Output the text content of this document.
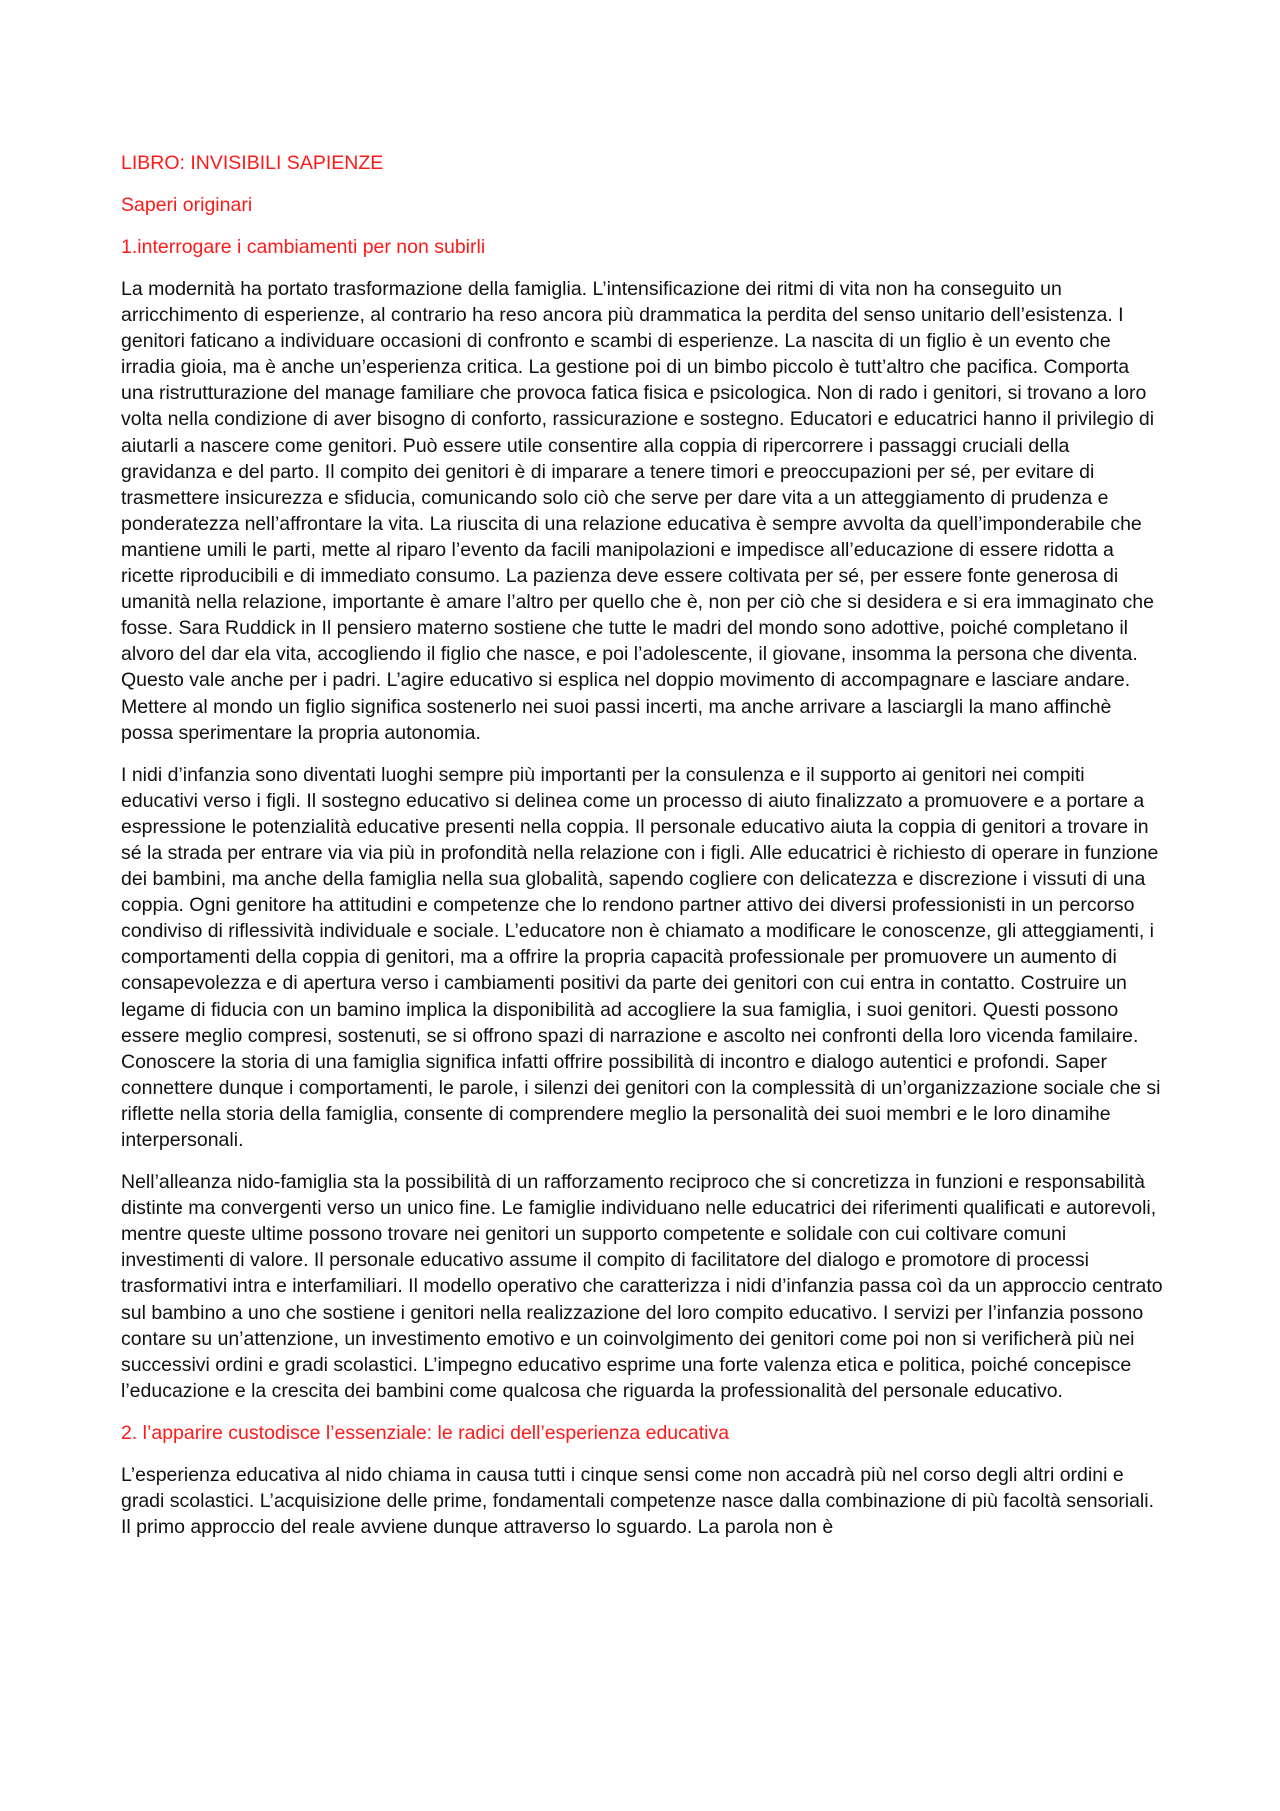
LIBRO: INVISIBILI SAPIENZE

Saperi originari

1.interrogare i cambiamenti per non subirli

La modernità ha portato trasformazione della famiglia. L’intensificazione dei ritmi di vita non ha conseguito un arricchimento di esperienze, al contrario ha reso ancora più drammatica la perdita del senso unitario dell’esistenza. I genitori faticano a individuare occasioni di confronto e scambi di esperienze. La nascita di un figlio è un evento che irradia gioia, ma è anche un’esperienza critica. La gestione poi di un bimbo piccolo è tutt’altro che pacifica. Comporta una ristrutturazione del manage familiare che provoca fatica fisica e psicologica. Non di rado i genitori, si trovano a loro volta nella condizione di aver bisogno di conforto, rassicurazione e sostegno. Educatori e educatrici hanno il privilegio di aiutarli a nascere come genitori. Può essere utile consentire alla coppia di ripercorrere i passaggi cruciali della gravidanza e del parto. Il compito dei genitori è di imparare a tenere timori e preoccupazioni per sé, per evitare di trasmettere insicurezza e sfiducia, comunicando solo ciò che serve per dare vita a un atteggiamento di prudenza e ponderatezza nell’affrontare la vita. La riuscita di una relazione educativa è sempre avvolta da quell’imponderabile che mantiene umili le parti, mette al riparo l’evento da facili manipolazioni e impedisce all’educazione di essere ridotta a ricette riproducibili e di immediato consumo. La pazienza deve essere coltivata per sé, per essere fonte generosa di umanità nella relazione, importante è amare l’altro per quello che è, non per ciò che si desidera e si era immaginato che fosse. Sara Ruddick in Il pensiero materno sostiene che tutte le madri del mondo sono adottive, poiché completano il alvoro del dar ela vita, accogliendo il figlio che nasce, e poi l’adolescente, il giovane, insomma la persona che diventa. Questo vale anche per i padri. L’agire educativo si esplica nel doppio movimento di accompagnare e lasciare andare. Mettere al mondo un figlio significa sostenerlo nei suoi passi incerti, ma anche arrivare a lasciargli la mano affinchè possa sperimentare la propria autonomia.

I nidi d’infanzia sono diventati luoghi sempre più importanti per la consulenza e il supporto ai genitori nei compiti educativi verso i figli. Il sostegno educativo si delinea come un processo di aiuto finalizzato a promuovere e a portare a espressione le potenzialità educative presenti nella coppia. Il personale educativo aiuta la coppia di genitori a trovare in sé la strada per entrare via via più in profondità nella relazione con i figli. Alle educatrici è richiesto di operare in funzione dei bambini, ma anche della famiglia nella sua globalità, sapendo cogliere con delicatezza e discrezione i vissuti di una coppia. Ogni genitore ha attitudini e competenze che lo rendono partner attivo dei diversi professionisti in un percorso condiviso di riflessività individuale e sociale. L’educatore non è chiamato a modificare le conoscenze, gli atteggiamenti, i comportamenti della coppia di genitori, ma a offrire la propria capacità professionale per promuovere un aumento di consapevolezza e di apertura verso i cambiamenti positivi da parte dei genitori con cui entra in contatto. Costruire un legame di fiducia con un bamino implica la disponibilità ad accogliere la sua famiglia, i suoi genitori. Questi possono essere meglio compresi, sostenuti, se si offrono spazi di narrazione e ascolto nei confronti della loro vicenda familaire. Conoscere la storia di una famiglia significa infatti offrire possibilità di incontro e dialogo autentici e profondi. Saper connettere dunque i comportamenti, le parole, i silenzi dei genitori con la complessità di un’organizzazione sociale che si riflette nella storia della famiglia, consente di comprendere meglio la personalità dei suoi membri e le loro dinamihe interpersonali.

Nell’alleanza nido-famiglia sta la possibilità di un rafforzamento reciproco che si concretizza in funzioni e responsabilità distinte ma convergenti verso un unico fine. Le famiglie individuano nelle educatrici dei riferimenti qualificati e autorevoli, mentre queste ultime possono trovare nei genitori un supporto competente e solidale con cui coltivare comuni investimenti di valore. Il personale educativo assume il compito di facilitatore del dialogo e promotore di processi trasformativi intra e interfamiliari. Il modello operativo che caratterizza i nidi d’infanzia passa coì da un approccio centrato sul bambino a uno che sostiene i genitori nella realizzazione del loro compito educativo. I servizi per l’infanzia possono contare su un’attenzione, un investimento emotivo e un coinvolgimento dei genitori come poi non si verificherà più nei successivi ordini e gradi scolastici. L’impegno educativo esprime una forte valenza etica e politica, poiché concepisce l’educazione e la crescita dei bambini come qualcosa che riguarda la professionalità del personale educativo.

2. l’apparire custodisce l’essenziale: le radici dell’esperienza educativa

L’esperienza educativa al nido chiama in causa tutti i cinque sensi come non accadrà più nel corso degli altri ordini e gradi scolastici. L’acquisizione delle prime, fondamentali competenze nasce dalla combinazione di più facoltà sensoriali. Il primo approccio del reale avviene dunque attraverso lo sguardo. La parola non è
